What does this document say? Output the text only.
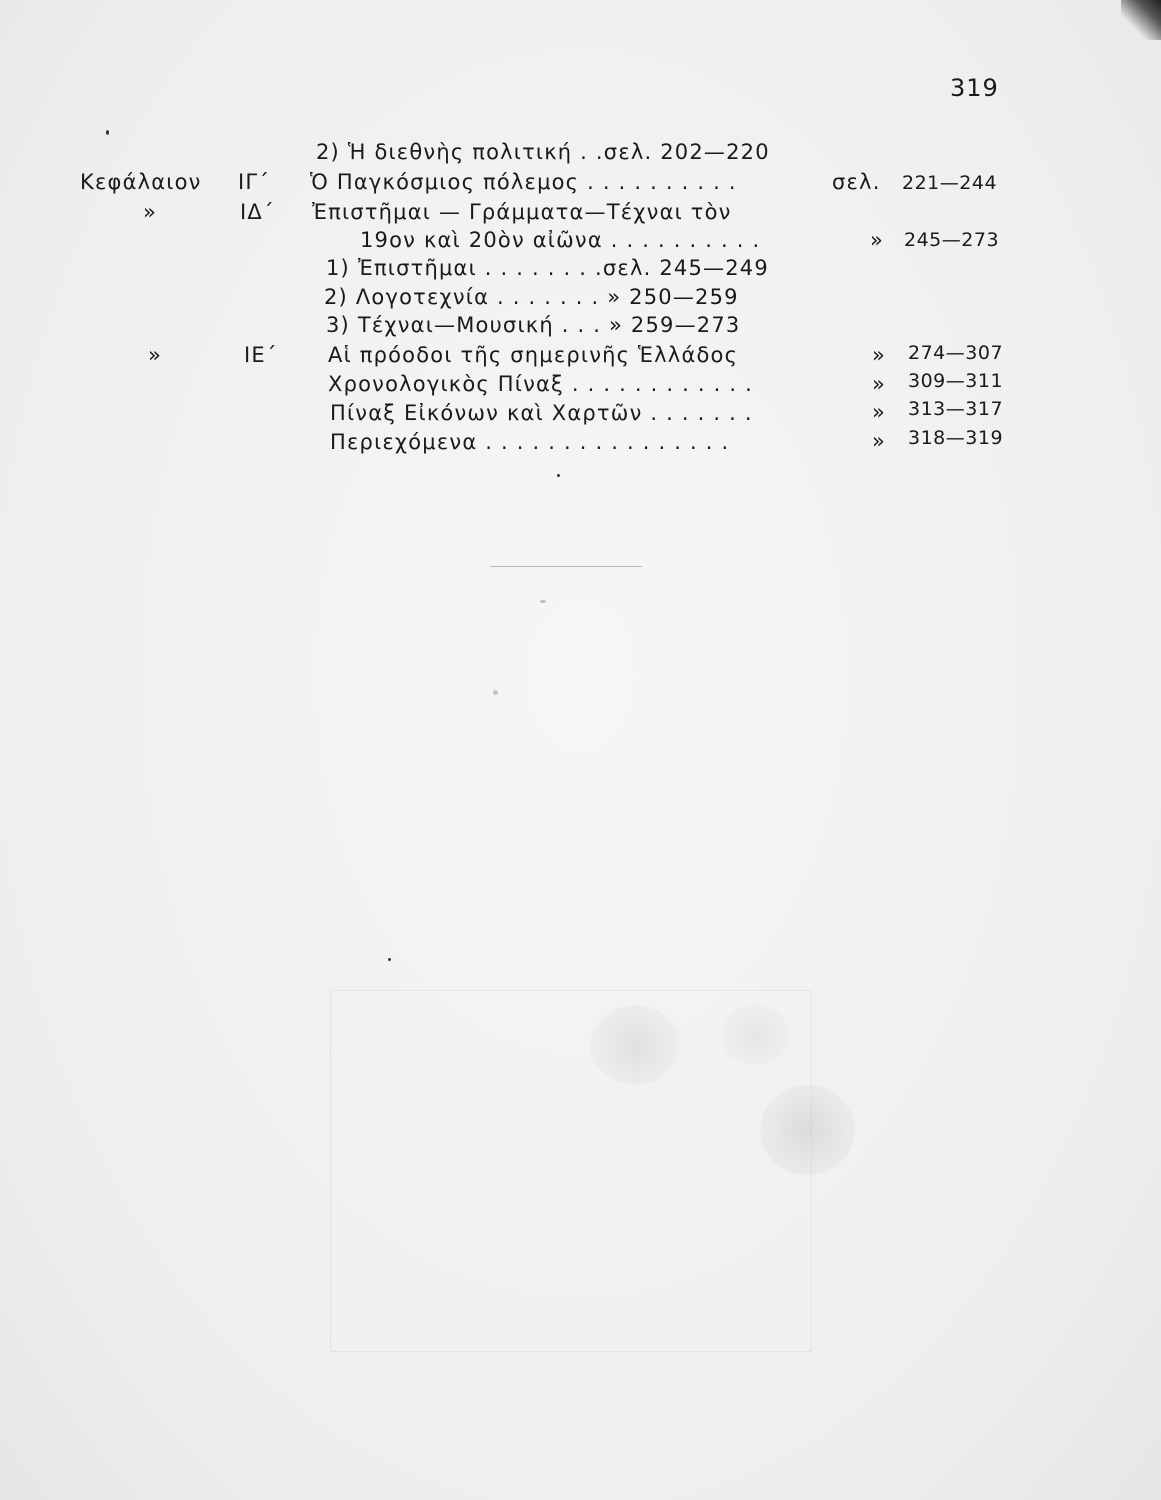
319
2) Ἡ διεθνὴς πολιτική . .σελ. 202—220
Κεφάλαιον ΙΓ΄ Ὁ Παγκόσμιος πόλεμος . . . . . . . . . .	σελ. 221—244
»	ΙΔ΄ Ἐπιστῆμαι — Γράμματα—Τέχναι τὸν
19ον καὶ 20ὸν αἰῶνα . . . . . . . . . .	» 245—273
1) Ἐπιστῆμαι . . . . . . . .σελ. 245—249
2) Λογοτεχνία . . . . . . . » 250—259
3) Τέχναι—Μουσική . . . » 259—273
»	ΙΕ΄ Αἱ πρόοδοι τῆς σημερινῆς Ἑλλάδος	» 274—307
Χρονολογικὸς Πίναξ . . . . . . . . . . . .	» 309—311
Πίναξ Εἰκόνων καὶ Χαρτῶν . . . . . . .	» 313—317
Περιεχόμενα . . . . . . . . . . . . . . . .	» 318—319
